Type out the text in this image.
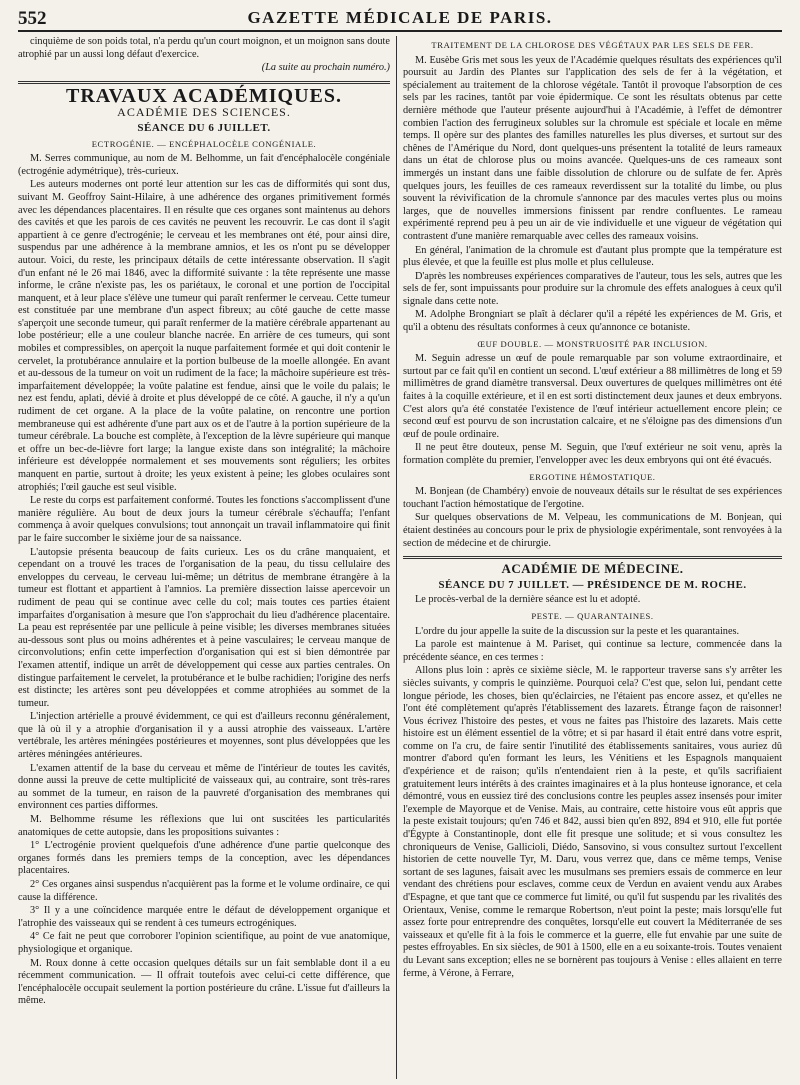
552	GAZETTE MÉDICALE DE PARIS.

cinquième de son poids total, n'a perdu qu'un court moignon, et un moignon sans doute atrophié par un aussi long défaut d'exercice.

(La suite au prochain numéro.)

TRAVAUX ACADÉMIQUES.
ACADÉMIE DES SCIENCES.
SÉANCE DU 6 JUILLET.
ECTROGÉNIE. — ENCÉPHALOCÈLE CONGÉNIALE.

M. Serres communique, au nom de M. Belhomme, un fait d'encéphalocèle congéniale (ectrogénie adymétrique), très-curieux.

Les auteurs modernes ont porté leur attention sur les cas de difformités qui sont dus, suivant M. Geoffroy Saint-Hilaire, à une adhérence des organes primitivement formés avec les dépendances placentaires. Il en résulte que ces organes sont maintenus au dehors des cavités et que les parois de ces cavités ne peuvent les recouvrir. Le cas dont il s'agit appartient à ce genre d'ectrogénie; le cerveau et les membranes ont été, pour ainsi dire, suspendus par une adhérence à la membrane amnios, et les os n'ont pu se développer autour. Voici, du reste, les principaux détails de cette intéressante observation. Il s'agit d'un enfant né le 26 mai 1846, avec la difformité suivante : la tête représente une masse informe, le crâne n'existe pas, les os pariétaux, le coronal et une portion de l'occipital manquent, et à leur place s'élève une tumeur qui paraît renfermer le cerveau. Cette tumeur est constituée par une membrane d'un aspect fibreux; au côté gauche de cette masse s'aperçoit une seconde tumeur, qui paraît renfermer de la matière cérébrale appartenant au lobe postérieur; elle a une couleur blanche nacrée. En arrière de ces tumeurs, qui sont mobiles et compressibles, on aperçoit la nuque parfaitement formée et qui doit contenir le cervelet, la protubérance annulaire et la portion bulbeuse de la moelle allongée. En avant et au-dessous de la tumeur on voit un rudiment de la face; la mâchoire supérieure est très-imparfaitement développée; la voûte palatine est fendue, ainsi que le voile du palais; le nez est fendu, aplati, dévié à droite et plus développé de ce côté. A gauche, il n'y a qu'un rudiment de cet organe. A la place de la voûte palatine, on rencontre une portion membraneuse qui est adhérente d'une part aux os et de l'autre à la portion supérieure de la tumeur cérébrale. La bouche est complète, à l'exception de la lèvre supérieure qui manque et offre un bec-de-lièvre fort large; la langue existe dans son intégralité; la mâchoire inférieure est développée normalement et ses mouvements sont réguliers; les orbites manquent en partie, surtout à droite; les yeux existent à peine; les globes oculaires sont atrophiés; l'œil gauche est seul visible.

Le reste du corps est parfaitement conformé. Toutes les fonctions s'accomplissent d'une manière régulière. Au bout de deux jours la tumeur cérébrale s'échauffa; l'enfant commença à avoir quelques convulsions; tout annonçait un travail inflammatoire qui finit par le faire succomber le sixième jour de sa naissance.

L'autopsie présenta beaucoup de faits curieux. Les os du crâne manquaient, et cependant on a trouvé les traces de l'organisation de la peau, du tissu cellulaire des enveloppes du cerveau, le cerveau lui-même; un détritus de membrane étrangère à la tumeur est flottant et appartient à l'amnios. La première dissection laisse apercevoir un rudiment de peau qui se continue avec celle du col; mais toutes ces parties étaient imparfaites d'organisation à mesure que l'on s'approchait du lieu d'adhérence placentaire. La peau est représentée par une pellicule à peine visible; les diverses membranes situées au-dessous sont plus ou moins adhérentes et à peine vasculaires; le cerveau manque de circonvolutions; enfin cette imperfection d'organisation qui est si bien démontrée par l'examen attentif, indique un arrêt de développement qui cesse aux parties centrales. On distingue parfaitement le cervelet, la protubérance et le bulbe rachidien; l'origine des nerfs est distincte; les artères sont peu développées et comme atrophiées au sommet de la tumeur.

L'injection artérielle a prouvé évidemment, ce qui est d'ailleurs reconnu généralement, que là où il y a atrophie d'organisation il y a aussi atrophie des vaisseaux. L'artère vertébrale, les artères méningées postérieures et moyennes, sont plus développées que les artères méningées antérieures.

L'examen attentif de la base du cerveau et même de l'intérieur de toutes les cavités, donne aussi la preuve de cette multiplicité de vaisseaux qui, au contraire, sont très-rares au sommet de la tumeur, en raison de la pauvreté d'organisation des membranes qui environnent ces parties difformes.

M. Belhomme résume les réflexions que lui ont suscitées les particularités anatomiques de cette autopsie, dans les propositions suivantes :

1° L'ectrogénie provient quelquefois d'une adhérence d'une partie quelconque des organes formés dans les premiers temps de la conception, avec les dépendances placentaires.

2° Ces organes ainsi suspendus n'acquièrent pas la forme et le volume ordinaire, ce qui cause la différence.

3° Il y a une coïncidence marquée entre le défaut de développement organique et l'atrophie des vaisseaux qui se rendent à ces tumeurs ectrogéniques.

4° Ce fait ne peut que corroborer l'opinion scientifique, au point de vue anatomique, physiologique et organique.

M. Roux donne à cette occasion quelques détails sur un fait semblable dont il a eu récemment communication. — Il offrait toutefois avec celui-ci cette différence, que l'encéphalocèle occupait seulement la portion postérieure du crâne. L'issue fut d'ailleurs la même.

TRAITEMENT DE LA CHLOROSE DES VÉGÉTAUX PAR LES SELS DE FER.

M. Eusèbe Gris met sous les yeux de l'Académie quelques résultats des expériences qu'il poursuit au Jardin des Plantes sur l'application des sels de fer à la végétation, et spécialement au traitement de la chlorose végétale. Tantôt il provoque l'absorption de ces sels par les racines, tantôt par voie épidermique. Ce sont les résultats obtenus par cette dernière méthode que l'auteur présente aujourd'hui à l'Académie, à l'effet de démontrer combien l'action des ferrugineux solubles sur la chromule est spéciale et locale en même temps. Il opère sur des plantes des familles naturelles les plus diverses, et surtout sur des chênes de l'Amérique du Nord, dont quelques-uns présentent la totalité de leurs rameaux dans un état de chlorose plus ou moins avancée. Quelques-uns de ces rameaux sont immergés un instant dans une faible dissolution de chlorure ou de sulfate de fer. Après quelques jours, les feuilles de ces rameaux reverdissent sur la totalité du limbe, ou plus souvent la révivification de la chromule s'annonce par des macules vertes plus ou moins larges, que de nouvelles immersions finissent par rendre confluentes. Le rameau expérimenté reprend peu à peu un air de vie individuelle et une vigueur de végétation qui contrastent d'une manière remarquable avec celles des rameaux voisins.

En général, l'animation de la chromule est d'autant plus prompte que la température est plus élevée, et que la feuille est plus molle et plus celluleuse.

D'après les nombreuses expériences comparatives de l'auteur, tous les sels, autres que les sels de fer, sont impuissants pour produire sur la chromule des effets analogues à ceux qu'il signale dans cette note.

M. Adolphe Brongniart se plaît à déclarer qu'il a répété les expériences de M. Gris, et qu'il a obtenu des résultats conformes à ceux qu'annonce ce botaniste.

ŒUF DOUBLE. — MONSTRUOSITÉ PAR INCLUSION.

M. Seguin adresse un œuf de poule remarquable par son volume extraordinaire, et surtout par ce fait qu'il en contient un second. L'œuf extérieur a 88 millimètres de long et 59 millimètres de grand diamètre transversal. Deux ouvertures de quelques millimètres ont été faites à la coquille extérieure, et il en est sorti distinctement deux jaunes et deux embryons. C'est alors qu'a été constatée l'existence de l'œuf intérieur actuellement encore plein; ce second œuf est pourvu de son incrustation calcaire, et ne s'éloigne pas des dimensions d'un œuf de poule ordinaire.

Il ne peut être douteux, pense M. Seguin, que l'œuf extérieur ne soit venu, après la formation complète du premier, l'envelopper avec les deux embryons qui ont été évacués.

ERGOTINE HÉMOSTATIQUE.

M. Bonjean (de Chambéry) envoie de nouveaux détails sur le résultat de ses expériences touchant l'action hémostatique de l'ergotine.

Sur quelques observations de M. Velpeau, les communications de M. Bonjean, qui étaient destinées au concours pour le prix de physiologie expérimentale, sont renvoyées à la section de médecine et de chirurgie.

ACADÉMIE DE MÉDECINE.
SÉANCE DU 7 JUILLET. — PRÉSIDENCE DE M. ROCHE.

Le procès-verbal de la dernière séance est lu et adopté.

PESTE. — QUARANTAINES.

L'ordre du jour appelle la suite de la discussion sur la peste et les quarantaines.

La parole est maintenue à M. Pariset, qui continue sa lecture, commencée dans la précédente séance, en ces termes :

Allons plus loin : après ce sixième siècle, M. le rapporteur traverse sans s'y arrêter les siècles suivants, y compris le quinzième. Pourquoi cela? C'est que, selon lui, pendant cette longue période, les choses, bien qu'éclaircies, ne l'étaient pas encore assez, et qu'elles ne l'ont été complètement qu'après l'établissement des lazarets. Étrange façon de raisonner! Vous écrivez l'histoire des pestes, et vous ne faites pas l'histoire des lazarets. Mais cette histoire est un élément essentiel de la vôtre; et si par hasard il était entré dans votre esprit, comme on l'a cru, de faire sentir l'inutilité des établissements sanitaires, vous auriez dû montrer d'abord qu'en formant les leurs, les Vénitiens et les Espagnols manquaient d'expérience et de raison; qu'ils n'entendaient rien à la peste, et qu'ils sacrifiaient gratuitement leurs intérêts à des craintes imaginaires et à la plus honteuse ignorance, et cela démontré, vous en eussiez tiré des conclusions contre les peuples assez insensés pour imiter l'exemple de Mayorque et de Venise. Mais, au contraire, cette histoire vous eût appris que la peste existait toujours; qu'en 746 et 842, aussi bien qu'en 892, 894 et 910, elle fut portée d'Égypte à Constantinople, dont elle fit presque une solitude; et si vous consultez les chroniqueurs de Venise, Gallicioli, Diédo, Sansovino, si vous consultez surtout l'excellent historien de cette nouvelle Tyr, M. Daru, vous verrez que, dans ce même temps, Venise sortant de ses lagunes, faisait avec les musulmans ses premiers essais de commerce en leur vendant des chrétiens pour esclaves, comme ceux de Verdun en avaient vendu aux Arabes d'Espagne, et que tant que ce commerce fut limité, ou qu'il fut suspendu par les rivalités des Orientaux, Venise, comme le remarque Robertson, n'eut point la peste; mais lorsqu'elle fut assez forte pour entreprendre des conquêtes, lorsqu'elle eut couvert la Méditerranée de ses vaisseaux et qu'elle fit à la fois le commerce et la guerre, elle fut envahie par une suite de pestes effroyables. En six siècles, de 901 à 1500, elle en a eu soixante-trois. Toutes venaient du Levant sans exception; elles ne se bornèrent pas toujours à Venise : elles allaient en terre ferme, à Vérone, à Ferrare,
